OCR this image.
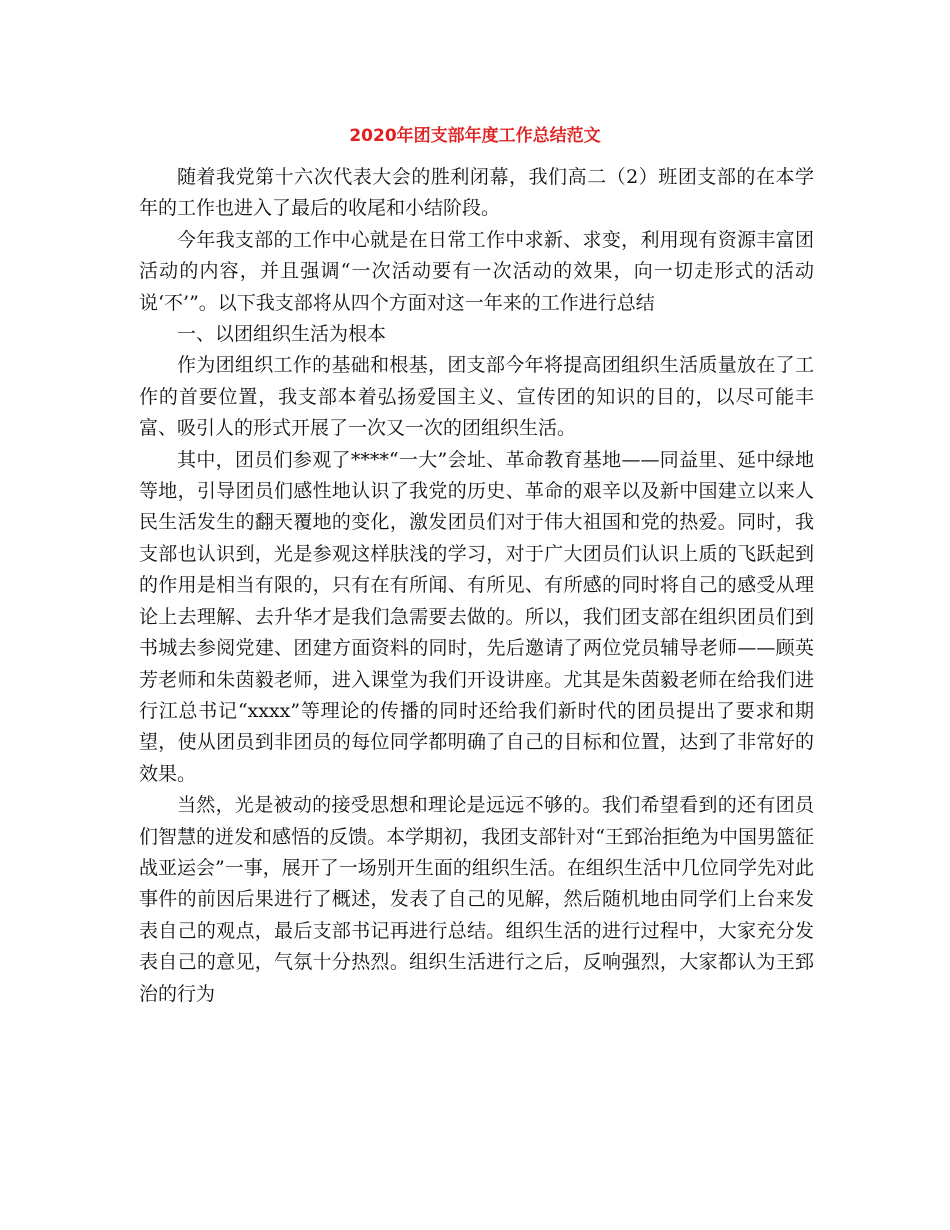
2020年团支部年度工作总结范文

随着我党第十六次代表大会的胜利闭幕，我们高二（2）班团支部的在本学年的工作也进入了最后的收尾和小结阶段。

今年我支部的工作中心就是在日常工作中求新、求变，利用现有资源丰富团活动的内容，并且强调“一次活动要有一次活动的效果，向一切走形式的活动说‘不’”。以下我支部将从四个方面对这一年来的工作进行总结

一、以团组织生活为根本

作为团组织工作的基础和根基，团支部今年将提高团组织生活质量放在了工作的首要位置，我支部本着弘扬爱国主义、宣传团的知识的目的，以尽可能丰富、吸引人的形式开展了一次又一次的团组织生活。

其中，团员们参观了****“一大”会址、革命教育基地——同益里、延中绿地等地，引导团员们感性地认识了我党的历史、革命的艰辛以及新中国建立以来人民生活发生的翻天覆地的变化，激发团员们对于伟大祖国和党的热爱。同时，我支部也认识到，光是参观这样肤浅的学习，对于广大团员们认识上质的飞跃起到的作用是相当有限的，只有在有所闻、有所见、有所感的同时将自己的感受从理论上去理解、去升华才是我们急需要去做的。所以，我们团支部在组织团员们到书城去参阅党建、团建方面资料的同时，先后邀请了两位党员辅导老师——顾英芳老师和朱茵毅老师，进入课堂为我们开设讲座。尤其是朱茵毅老师在给我们进行江总书记“xxxx”等理论的传播的同时还给我们新时代的团员提出了要求和期望，使从团员到非团员的每位同学都明确了自己的目标和位置，达到了非常好的效果。

当然，光是被动的接受思想和理论是远远不够的。我们希望看到的还有团员们智慧的迸发和感悟的反馈。本学期初，我团支部针对“王郅治拒绝为中国男篮征战亚运会”一事，展开了一场别开生面的组织生活。在组织生活中几位同学先对此事件的前因后果进行了概述，发表了自己的见解，然后随机地由同学们上台来发表自己的观点，最后支部书记再进行总结。组织生活的进行过程中，大家充分发表自己的意见，气氛十分热烈。组织生活进行之后，反响强烈，大家都认为王郅治的行为
